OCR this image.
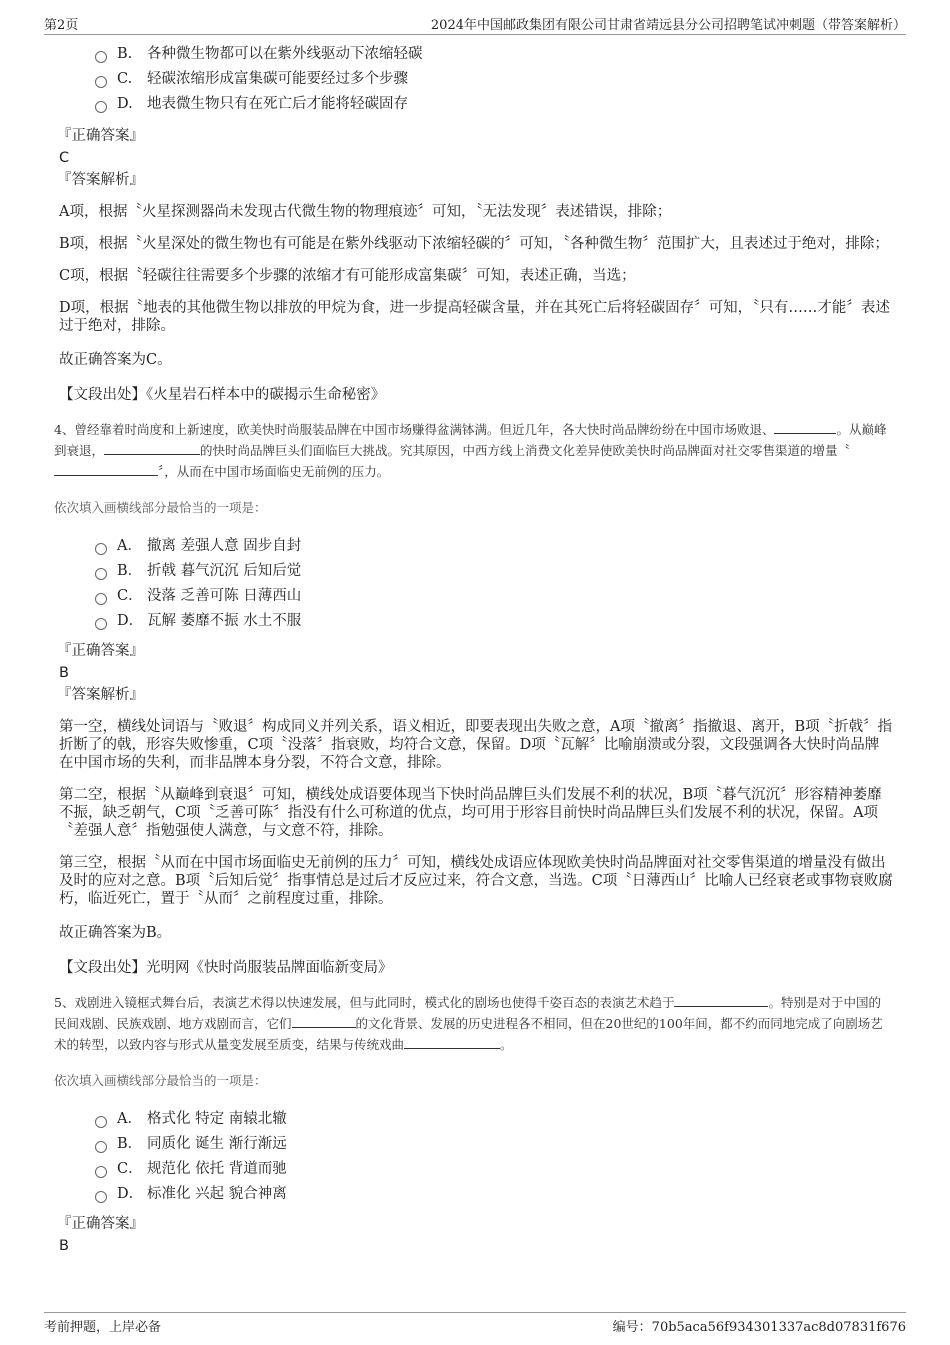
第2页	2024年中国邮政集团有限公司甘肃省靖远县分公司招聘笔试冲刺题（带答案解析）
B.	各种微生物都可以在紫外线驱动下浓缩轻碳
C.	轻碳浓缩形成富集碳可能要经过多个步骤
D. 地表微生物只有在死亡后才能将轻碳固存

『正确答案』

C

『答案解析』

A项，根据〝火星探测器尚未发现古代微生物的物理痕迹〞可知，〝无法发现〞表述错误，排除；

B项，根据〝火星深处的微生物也有可能是在紫外线驱动下浓缩轻碳的〞可知，〝各种微生物〞范围扩大，且表述过于绝对，排除；

C项，根据〝轻碳往往需要多个步骤的浓缩才有可能形成富集碳〞可知，表述正确，当选；

D项，根据〝地表的其他微生物以排放的甲烷为食，进一步提高轻碳含量，并在其死亡后将轻碳固存〞可知，〝只有……才能〞表述过于绝对，排除。

故正确答案为C。

【文段出处】《火星岩石样本中的碳揭示生命秘密》

4、曾经靠着时尚度和上新速度，欧美快时尚服装品牌在中国市场赚得盆满钵满。但近几年，各大快时尚品牌纷纷在中国市场败退、	。从巅峰到衰退，	的快时尚品牌巨头们面临巨大挑战。究其原因，中西方线上消费文化差异使欧美快时尚品牌面对社交零售渠道的增量〝〞，从而在中国市场面临史无前例的压力。

依次填入画横线部分最恰当的一项是：

A． 撤离 差强人意 固步自封
B． 折戟 暮气沉沉 后知后觉
C． 没落 乏善可陈 日薄西山
D． 瓦解 萎靡不振 水土不服

『正确答案』

B

『答案解析』

第一空，横线处词语与〝败退〞构成同义并列关系，语义相近，即要表现出失败之意，A项〝撤离〞指撤退、离开，B项〝折戟〞指折断了的戟，形容失败惨重，C项〝没落〞指衰败，均符合文意，保留。D项〝瓦解〞比喻崩溃或分裂，文段强调各大快时尚品牌在中国市场的失利，而非品牌本身分裂，不符合文意，排除。

第二空，根据〝从巅峰到衰退〞可知，横线处成语要体现当下快时尚品牌巨头们发展不利的状况，B项〝暮气沉沉〞形容精神萎靡不振，缺乏朝气，C项〝乏善可陈〞指没有什么可称道的优点，均可用于形容目前快时尚品牌巨头们发展不利的状况，保留。A项〝差强人意〞指勉强使人满意，与文意不符，排除。

第三空，根据〝从而在中国市场面临史无前例的压力〞可知，横线处成语应体现欧美快时尚品牌面对社交零售渠道的增量没有做出及时的应对之意。B项〝后知后觉〞指事情总是过后才反应过来，符合文意，当选。C项〝日薄西山〞比喻人已经衰老或事物衰败腐朽，临近死亡，置于〝从而〞之前程度过重，排除。

故正确答案为B。

【文段出处】光明网《快时尚服装品牌面临新变局》

5、戏剧进入镜框式舞台后，表演艺术得以快速发展，但与此同时，模式化的剧场也使得千姿百态的表演艺术趋于	。特别是对于中国的民间戏剧、民族戏剧、地方戏剧而言，它们	的文化背景、发展的历史进程各不相同，但在20世纪的100年间，都不约而同地完成了向剧场艺术的转型，以致内容与形式从量变发展至质变，结果与传统戏曲	。

依次填入画横线部分最恰当的一项是：

A． 格式化 特定 南辕北辙
B． 同质化 诞生 渐行渐远
C． 规范化 依托 背道而驰
D． 标准化 兴起 貌合神离

『正确答案』

B

考前押题，上岸必备	编号：70b5aca56f934301337ac8d07831f676
